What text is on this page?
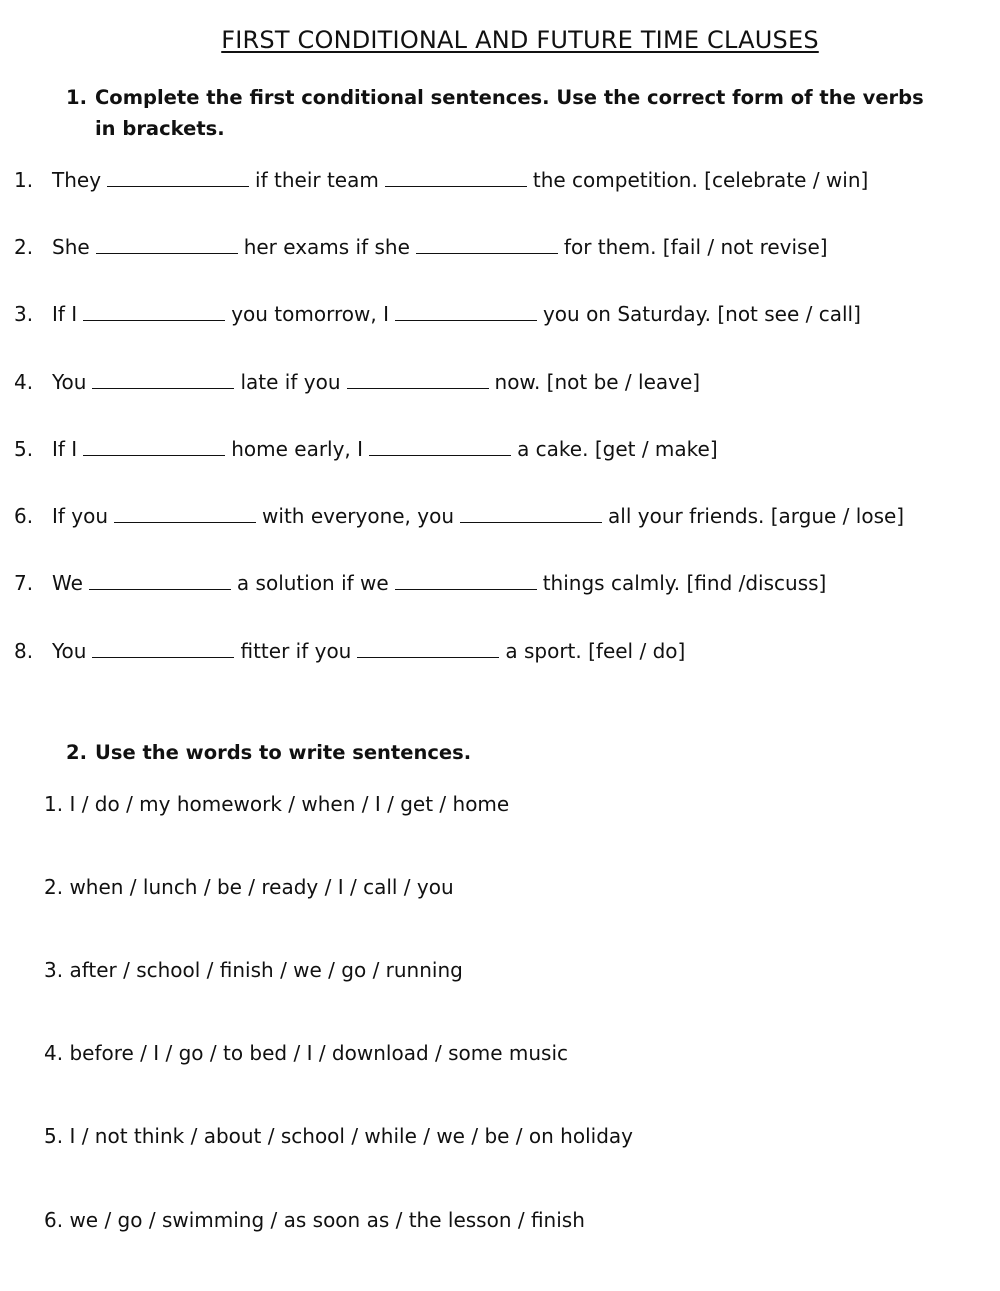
FIRST CONDITIONAL AND FUTURE TIME CLAUSES
1. Complete the first conditional sentences. Use the correct form of the verbs
in brackets.
1. They	if their team	the competition. [celebrate / win]
2. She	her exams if she	for them. [fail / not revise]
3. If I	you tomorrow, I	you on Saturday. [not see / call]
4. You	late if you	now. [not be / leave]
5. If I	home early, I	a cake. [get / make]
6. If you	with everyone, you	all your friends. [argue / lose]
7. We	a solution if we	things calmly. [find /discuss]
8. You	fitter if you	a sport. [feel / do]
2. Use the words to write sentences.
1. I / do / my homework / when / I / get / home
2. when / lunch / be / ready / I / call / you
3. after / school / finish / we / go / running
4. before / I / go / to bed / I / download / some music
5. I / not think / about / school / while / we / be / on holiday
6. we / go / swimming / as soon as / the lesson / finish
